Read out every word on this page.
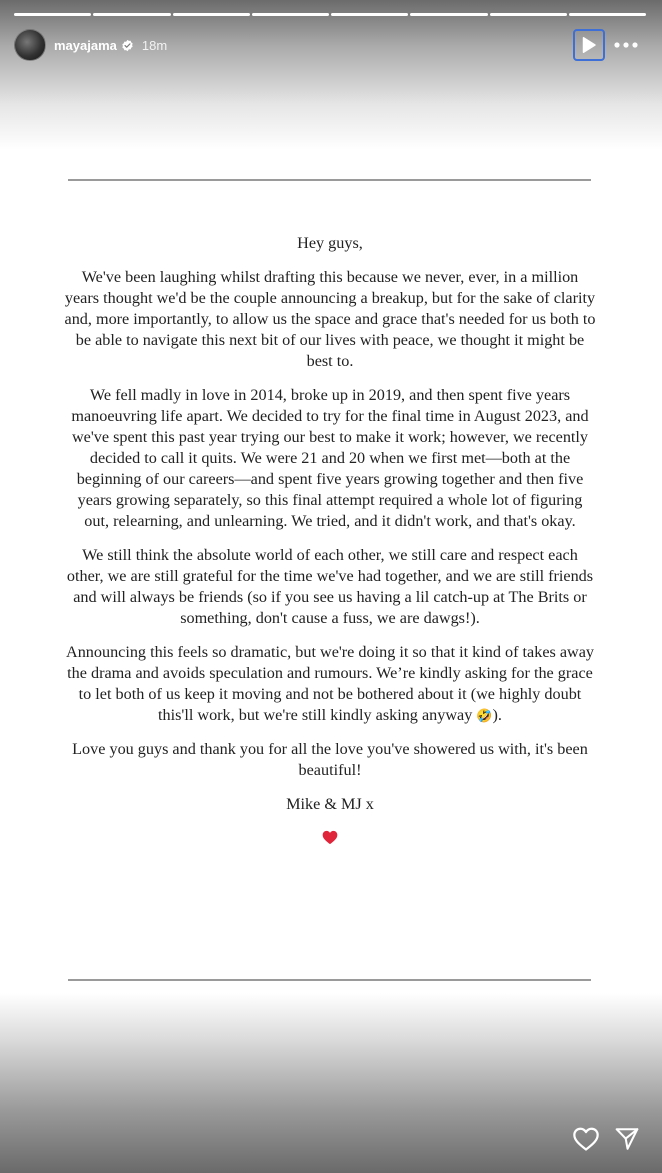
mayajama 18m

Hey guys,

We've been laughing whilst drafting this because we never, ever, in a million years thought we'd be the couple announcing a breakup, but for the sake of clarity and, more importantly, to allow us the space and grace that's needed for us both to be able to navigate this next bit of our lives with peace, we thought it might be best to.

We fell madly in love in 2014, broke up in 2019, and then spent five years manoeuvring life apart. We decided to try for the final time in August 2023, and we've spent this past year trying our best to make it work; however, we recently decided to call it quits. We were 21 and 20 when we first met—both at the beginning of our careers—and spent five years growing together and then five years growing separately, so this final attempt required a whole lot of figuring out, relearning, and unlearning. We tried, and it didn't work, and that's okay.

We still think the absolute world of each other, we still care and respect each other, we are still grateful for the time we've had together, and we are still friends and will always be friends (so if you see us having a lil catch-up at The Brits or something, don't cause a fuss, we are dawgs!).

Announcing this feels so dramatic, but we're doing it so that it kind of takes away the drama and avoids speculation and rumours. We’re kindly asking for the grace to let both of us keep it moving and not be bothered about it (we highly doubt this'll work, but we're still kindly asking anyway 🤣).

Love you guys and thank you for all the love you've showered us with, it's been beautiful!

Mike & MJ x
